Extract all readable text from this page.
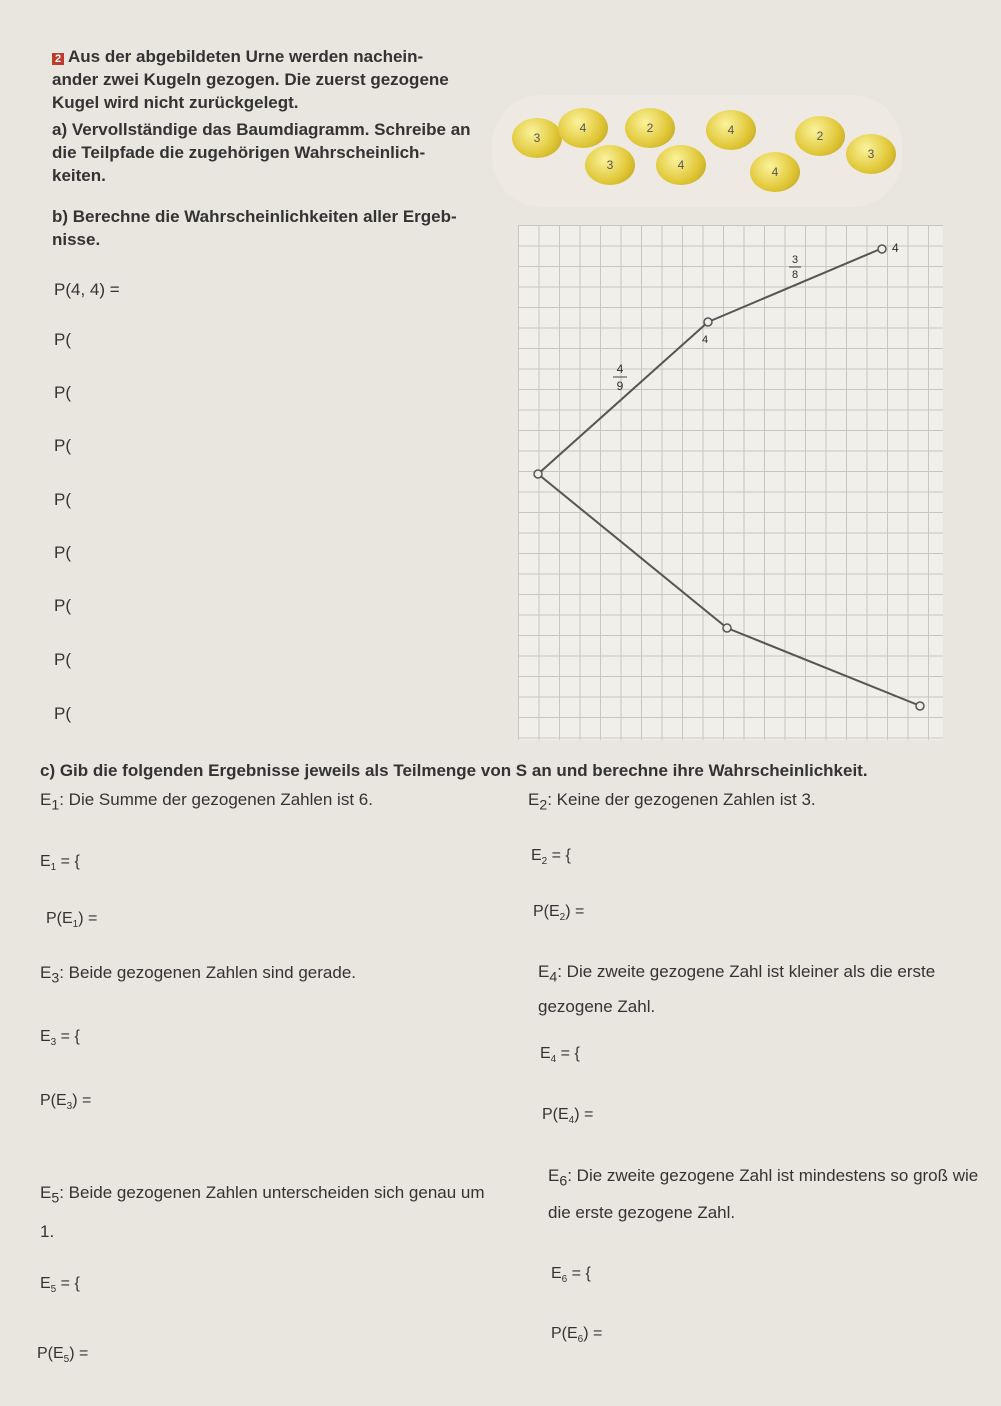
2 Aus der abgebildeten Urne werden nachein- ander zwei Kugeln gezogen. Die zuerst gezogene Kugel wird nicht zurückgelegt.
a) Vervollständige das Baumdiagramm. Schreibe an die Teilpfade die zugehörigen Wahrscheinlich- keiten.
b) Berechne die Wahrscheinlichkeiten aller Ergeb- nisse.
3
4	2	4	2
3	4	4
3
4
9
4
3
8
4
P(4, 4) =
P(
P(
P(
P(
P(
P(
P(
P(
c) Gib die folgenden Ergebnisse jeweils als Teilmenge von S an und berechne ihre Wahrscheinlichkeit.
$E_1$: Die Summe der gezogenen Zahlen ist 6.	$E_2$: Keine der gezogenen Zahlen ist 3.
$E_1$ = {	$E_2$ = {
$P(E_1)$ =	$P(E_2)$ =
$E_3$: Beide gezogenen Zahlen sind gerade.	$E_4$: Die zweite gezogene Zahl ist kleiner als die erste gezogene Zahl.
$E_3$ = {
$E_4$ = {
$P(E_3)$ =
$P(E_4)$ =
$E_5$: Beide gezogenen Zahlen unterscheiden sich genau um 1.
$E_6$: Die zweite gezogene Zahl ist mindestens so groß wie die erste gezogene Zahl.
$E_5$ = {
$E_6$ = {
$P(E_5)$ =
$P(E_6)$ =
